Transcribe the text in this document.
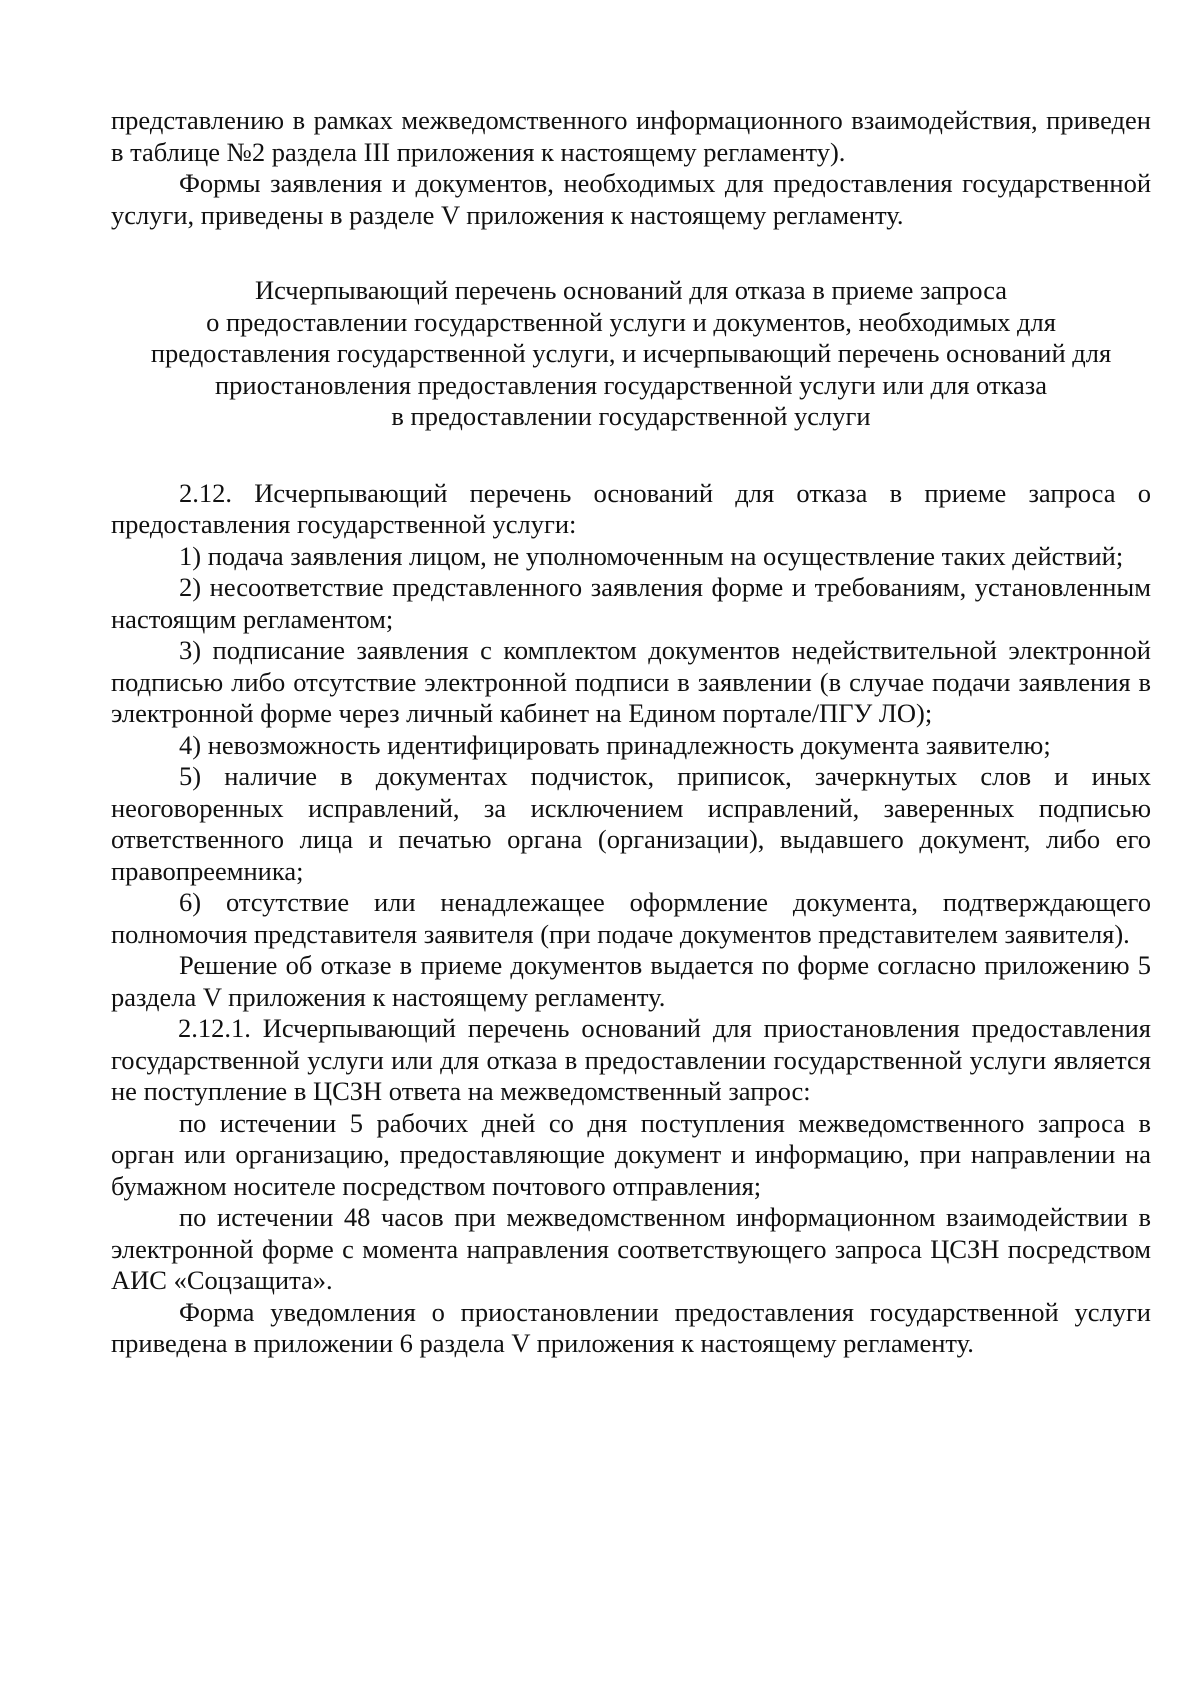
представлению в рамках межведомственного информационного взаимодействия, приведен в таблице №2 раздела III приложения к настоящему регламенту).

Формы заявления и документов, необходимых для предоставления государственной услуги, приведены в разделе V приложения к настоящему регламенту.

Исчерпывающий перечень оснований для отказа в приеме запроса
о предоставлении государственной услуги и документов, необходимых для
предоставления государственной услуги, и исчерпывающий перечень оснований для
приостановления предоставления государственной услуги или для отказа
в предоставлении государственной услуги

2.12. Исчерпывающий перечень оснований для отказа в приеме запроса о предоставления государственной услуги:

1) подача заявления лицом, не уполномоченным на осуществление таких действий;

2) несоответствие представленного заявления форме и требованиям, установленным настоящим регламентом;

3) подписание заявления с комплектом документов недействительной электронной подписью либо отсутствие электронной подписи в заявлении (в случае подачи заявления в электронной форме через личный кабинет на Едином портале/ПГУ ЛО);

4) невозможность идентифицировать принадлежность документа заявителю;

5) наличие в документах подчисток, приписок, зачеркнутых слов и иных неоговоренных исправлений, за исключением исправлений, заверенных подписью ответственного лица и печатью органа (организации), выдавшего документ, либо его правопреемника;

6) отсутствие или ненадлежащее оформление документа, подтверждающего полномочия представителя заявителя (при подаче документов представителем заявителя).

Решение об отказе в приеме документов выдается по форме согласно приложению 5 раздела V приложения к настоящему регламенту.

2.12.1. Исчерпывающий перечень оснований для приостановления предоставления государственной услуги или для отказа в предоставлении государственной услуги является не поступление в ЦСЗН ответа на межведомственный запрос:

по истечении 5 рабочих дней со дня поступления межведомственного запроса в орган или организацию, предоставляющие документ и информацию, при направлении на бумажном носителе посредством почтового отправления;

по истечении 48 часов при межведомственном информационном взаимодействии в электронной форме с момента направления соответствующего запроса ЦСЗН посредством АИС «Соцзащита».

Форма уведомления о приостановлении предоставления государственной услуги приведена в приложении 6 раздела V приложения к настоящему регламенту.
